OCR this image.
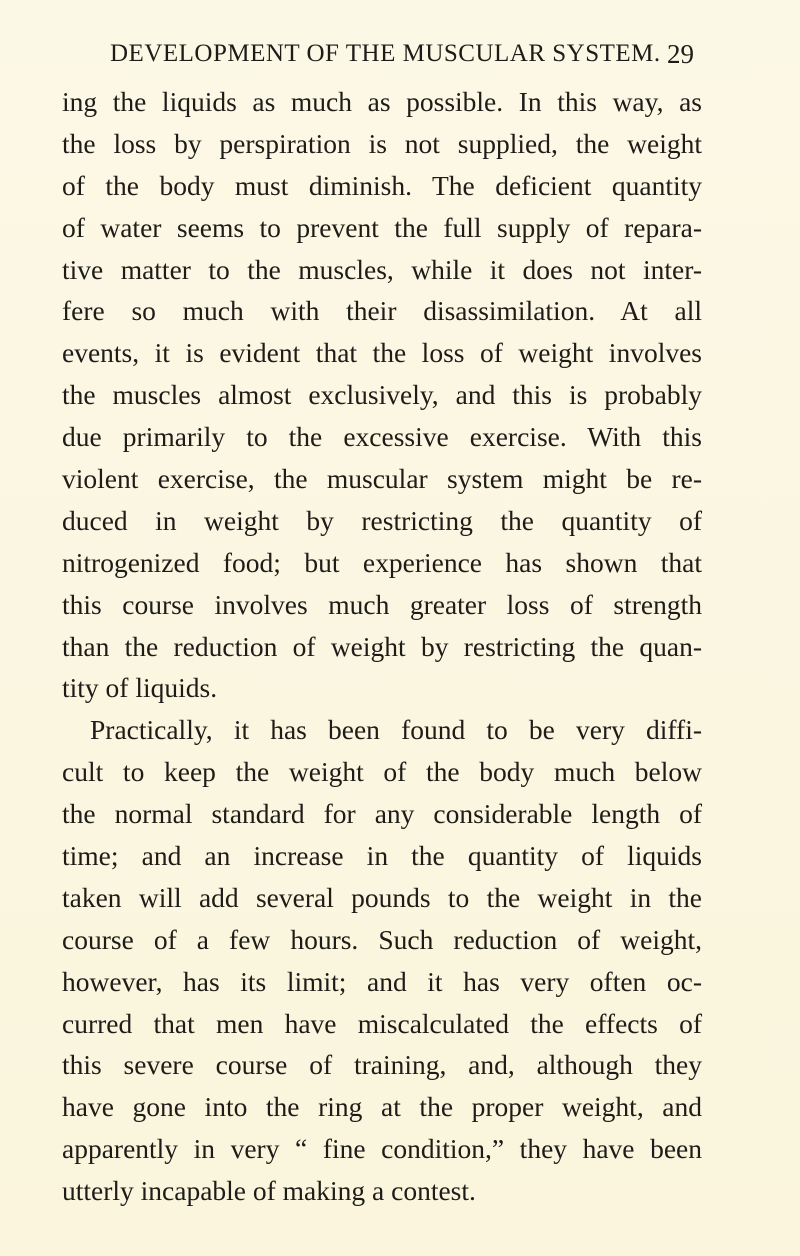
DEVELOPMENT OF THE MUSCULAR SYSTEM. 29
ing the liquids as much as possible. In this way, as
the loss by perspiration is not supplied, the weight
of the body must diminish. The deficient quantity
of water seems to prevent the full supply of repara-
tive matter to the muscles, while it does not inter-
fere so much with their disassimilation. At all
events, it is evident that the loss of weight involves
the muscles almost exclusively, and this is probably
due primarily to the excessive exercise. With this
violent exercise, the muscular system might be re-
duced in weight by restricting the quantity of
nitrogenized food; but experience has shown that
this course involves much greater loss of strength
than the reduction of weight by restricting the quan-
tity of liquids.
Practically, it has been found to be very diffi-
cult to keep the weight of the body much below
the normal standard for any considerable length of
time; and an increase in the quantity of liquids
taken will add several pounds to the weight in the
course of a few hours. Such reduction of weight,
however, has its limit; and it has very often oc-
curred that men have miscalculated the effects of
this severe course of training, and, although they
have gone into the ring at the proper weight, and
apparently in very “ fine condition,” they have been
utterly incapable of making a contest.
